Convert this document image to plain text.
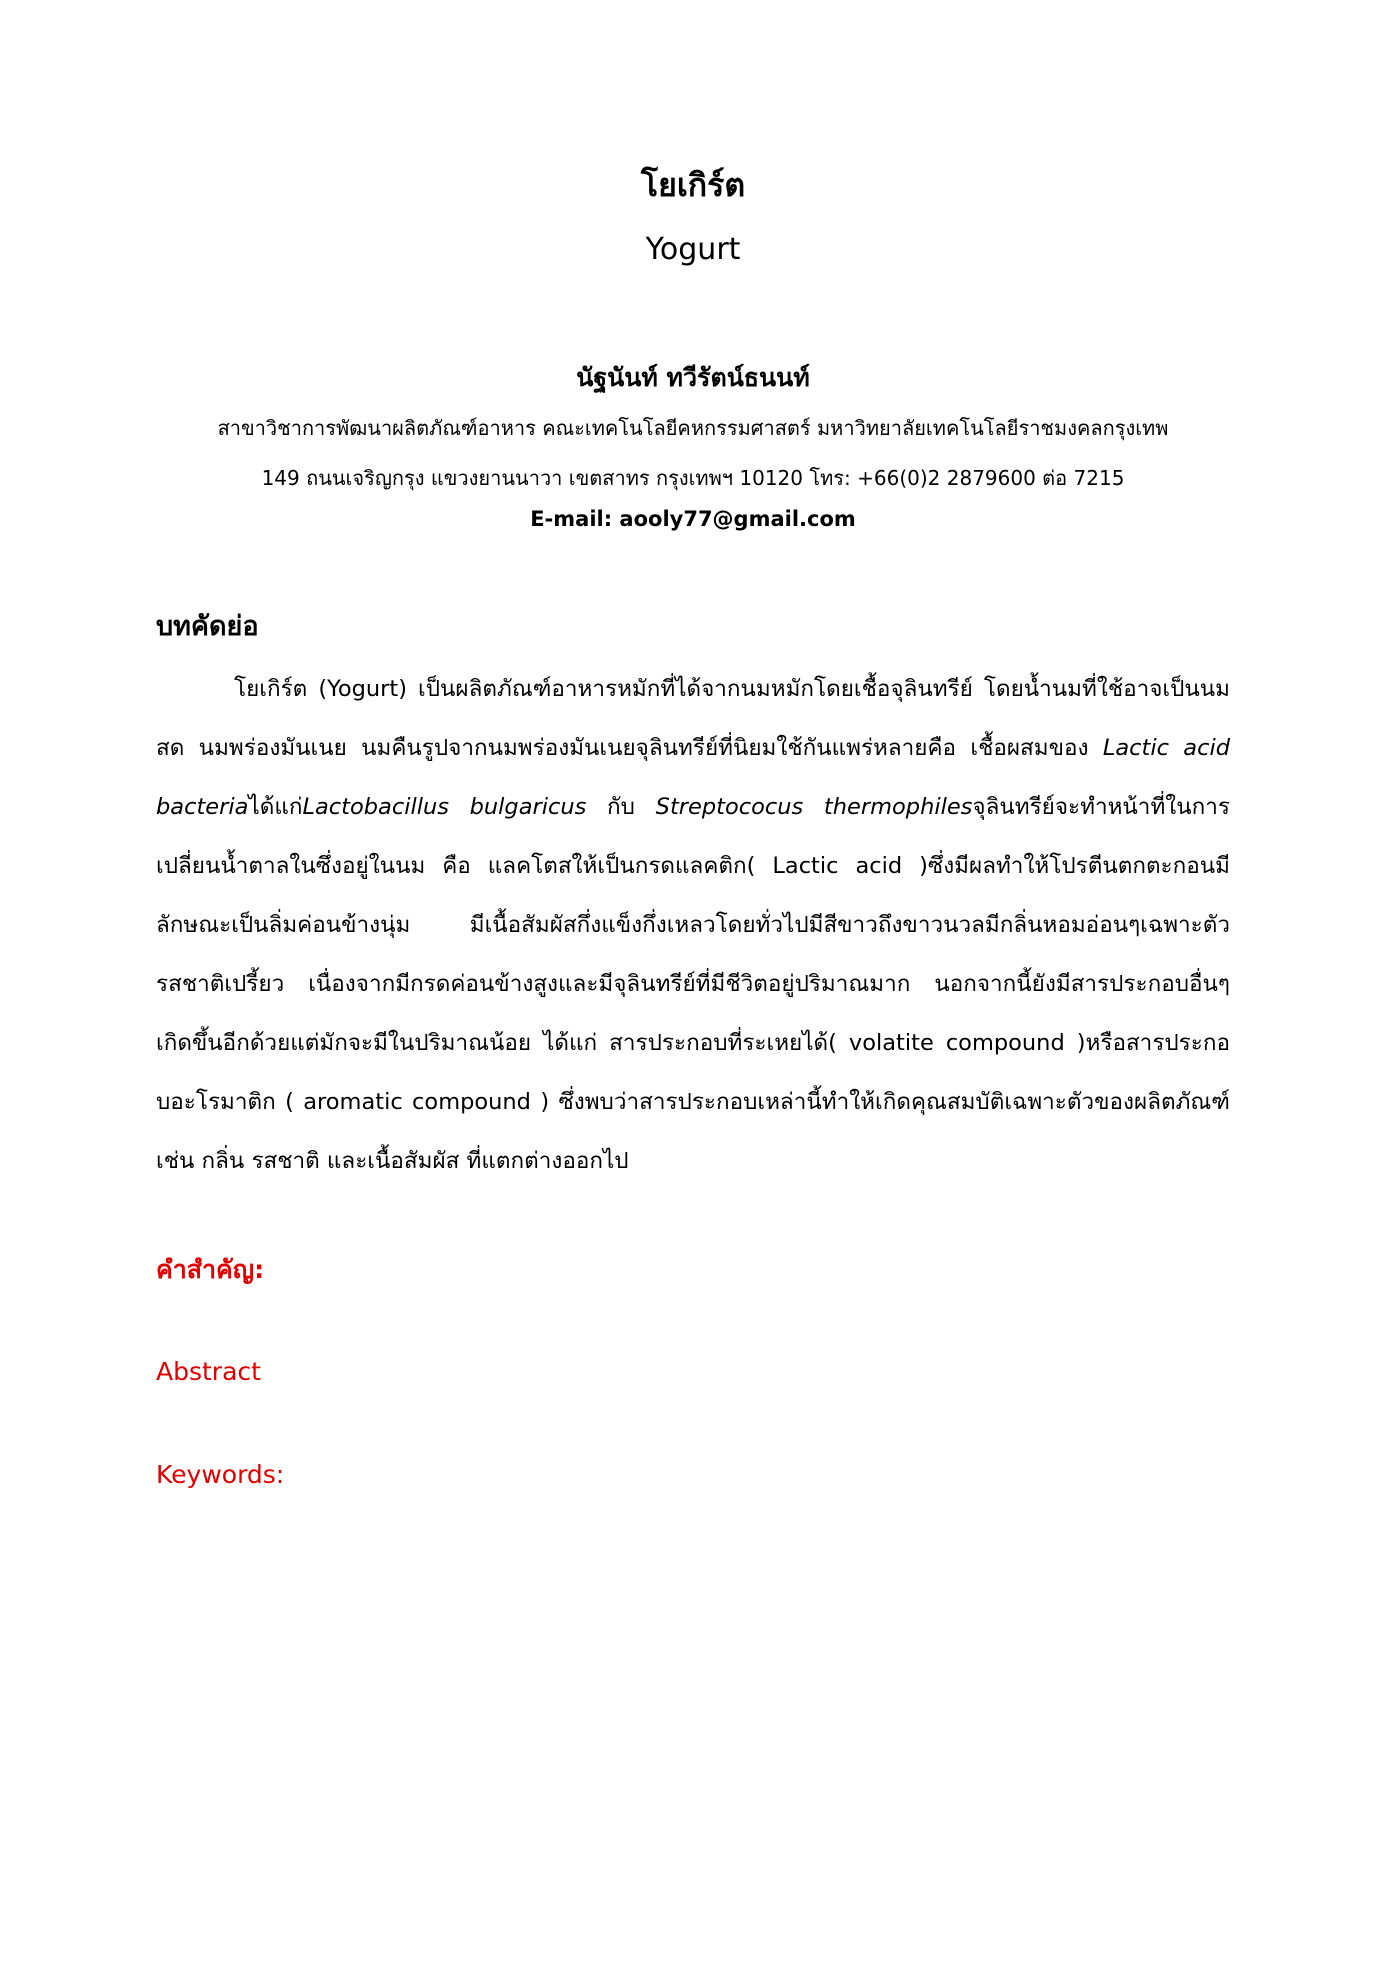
โยเกิร์ต
Yogurt
นัฐนันท์ ทวีรัตน์ธนนท์
สาขาวิชาการพัฒนาผลิตภัณฑ์อาหาร คณะเทคโนโลยีคหกรรมศาสตร์ มหาวิทยาลัยเทคโนโลยีราชมงคลกรุงเทพ
149 ถนนเจริญกรุง แขวงยานนาวา เขตสาทร กรุงเทพฯ 10120 โทร: +66(0)2 2879600 ต่อ 7215
E-mail: aooly77@gmail.com
บทคัดย่อ
โยเกิร์ต (Yogurt) เป็นผลิตภัณฑ์อาหารหมักที่ได้จากนมหมักโดยเชื้อจุลินทรีย์ โดยน้ำนมที่ใช้อาจเป็นนมสด นมพร่องมันเนย นมคืนรูปจากนมพร่องมันเนยจุลินทรีย์ที่นิยมใช้กันแพร่หลายคือ เชื้อผสมของ Lactic acid bacteriaได้แก่Lactobacillus bulgaricus กับ Streptococus thermophilesจุลินทรีย์จะทำหน้าที่ในการเปลี่ยนน้ำตาลในซึ่งอยู่ในนม คือ แลคโตสให้เป็นกรดแลคติก( Lactic acid )ซึ่งมีผลทำให้โปรตีนตกตะกอนมีลักษณะเป็นลิ่มค่อนข้างนุ่ม มีเนื้อสัมผัสกึ่งแข็งกึ่งเหลวโดยทั่วไปมีสีขาวถึงขาวนวลมีกลิ่นหอมอ่อนๆเฉพาะตัว รสชาติเปรี้ยว เนื่องจากมีกรดค่อนข้างสูงและมีจุลินทรีย์ที่มีชีวิตอยู่ปริมาณมาก นอกจากนี้ยังมีสารประกอบอื่นๆเกิดขึ้นอีกด้วยแต่มักจะมีในปริมาณน้อย ได้แก่ สารประกอบที่ระเหยได้( volatite compound )หรือสารประกอบอะโรมาติก ( aromatic compound ) ซึ่งพบว่าสารประกอบเหล่านี้ทำให้เกิดคุณสมบัติเฉพาะตัวของผลิตภัณฑ์เช่น กลิ่น รสชาติ และเนื้อสัมผัส ที่แตกต่างออกไป
คำสำคัญ:
Abstract
Keywords:
